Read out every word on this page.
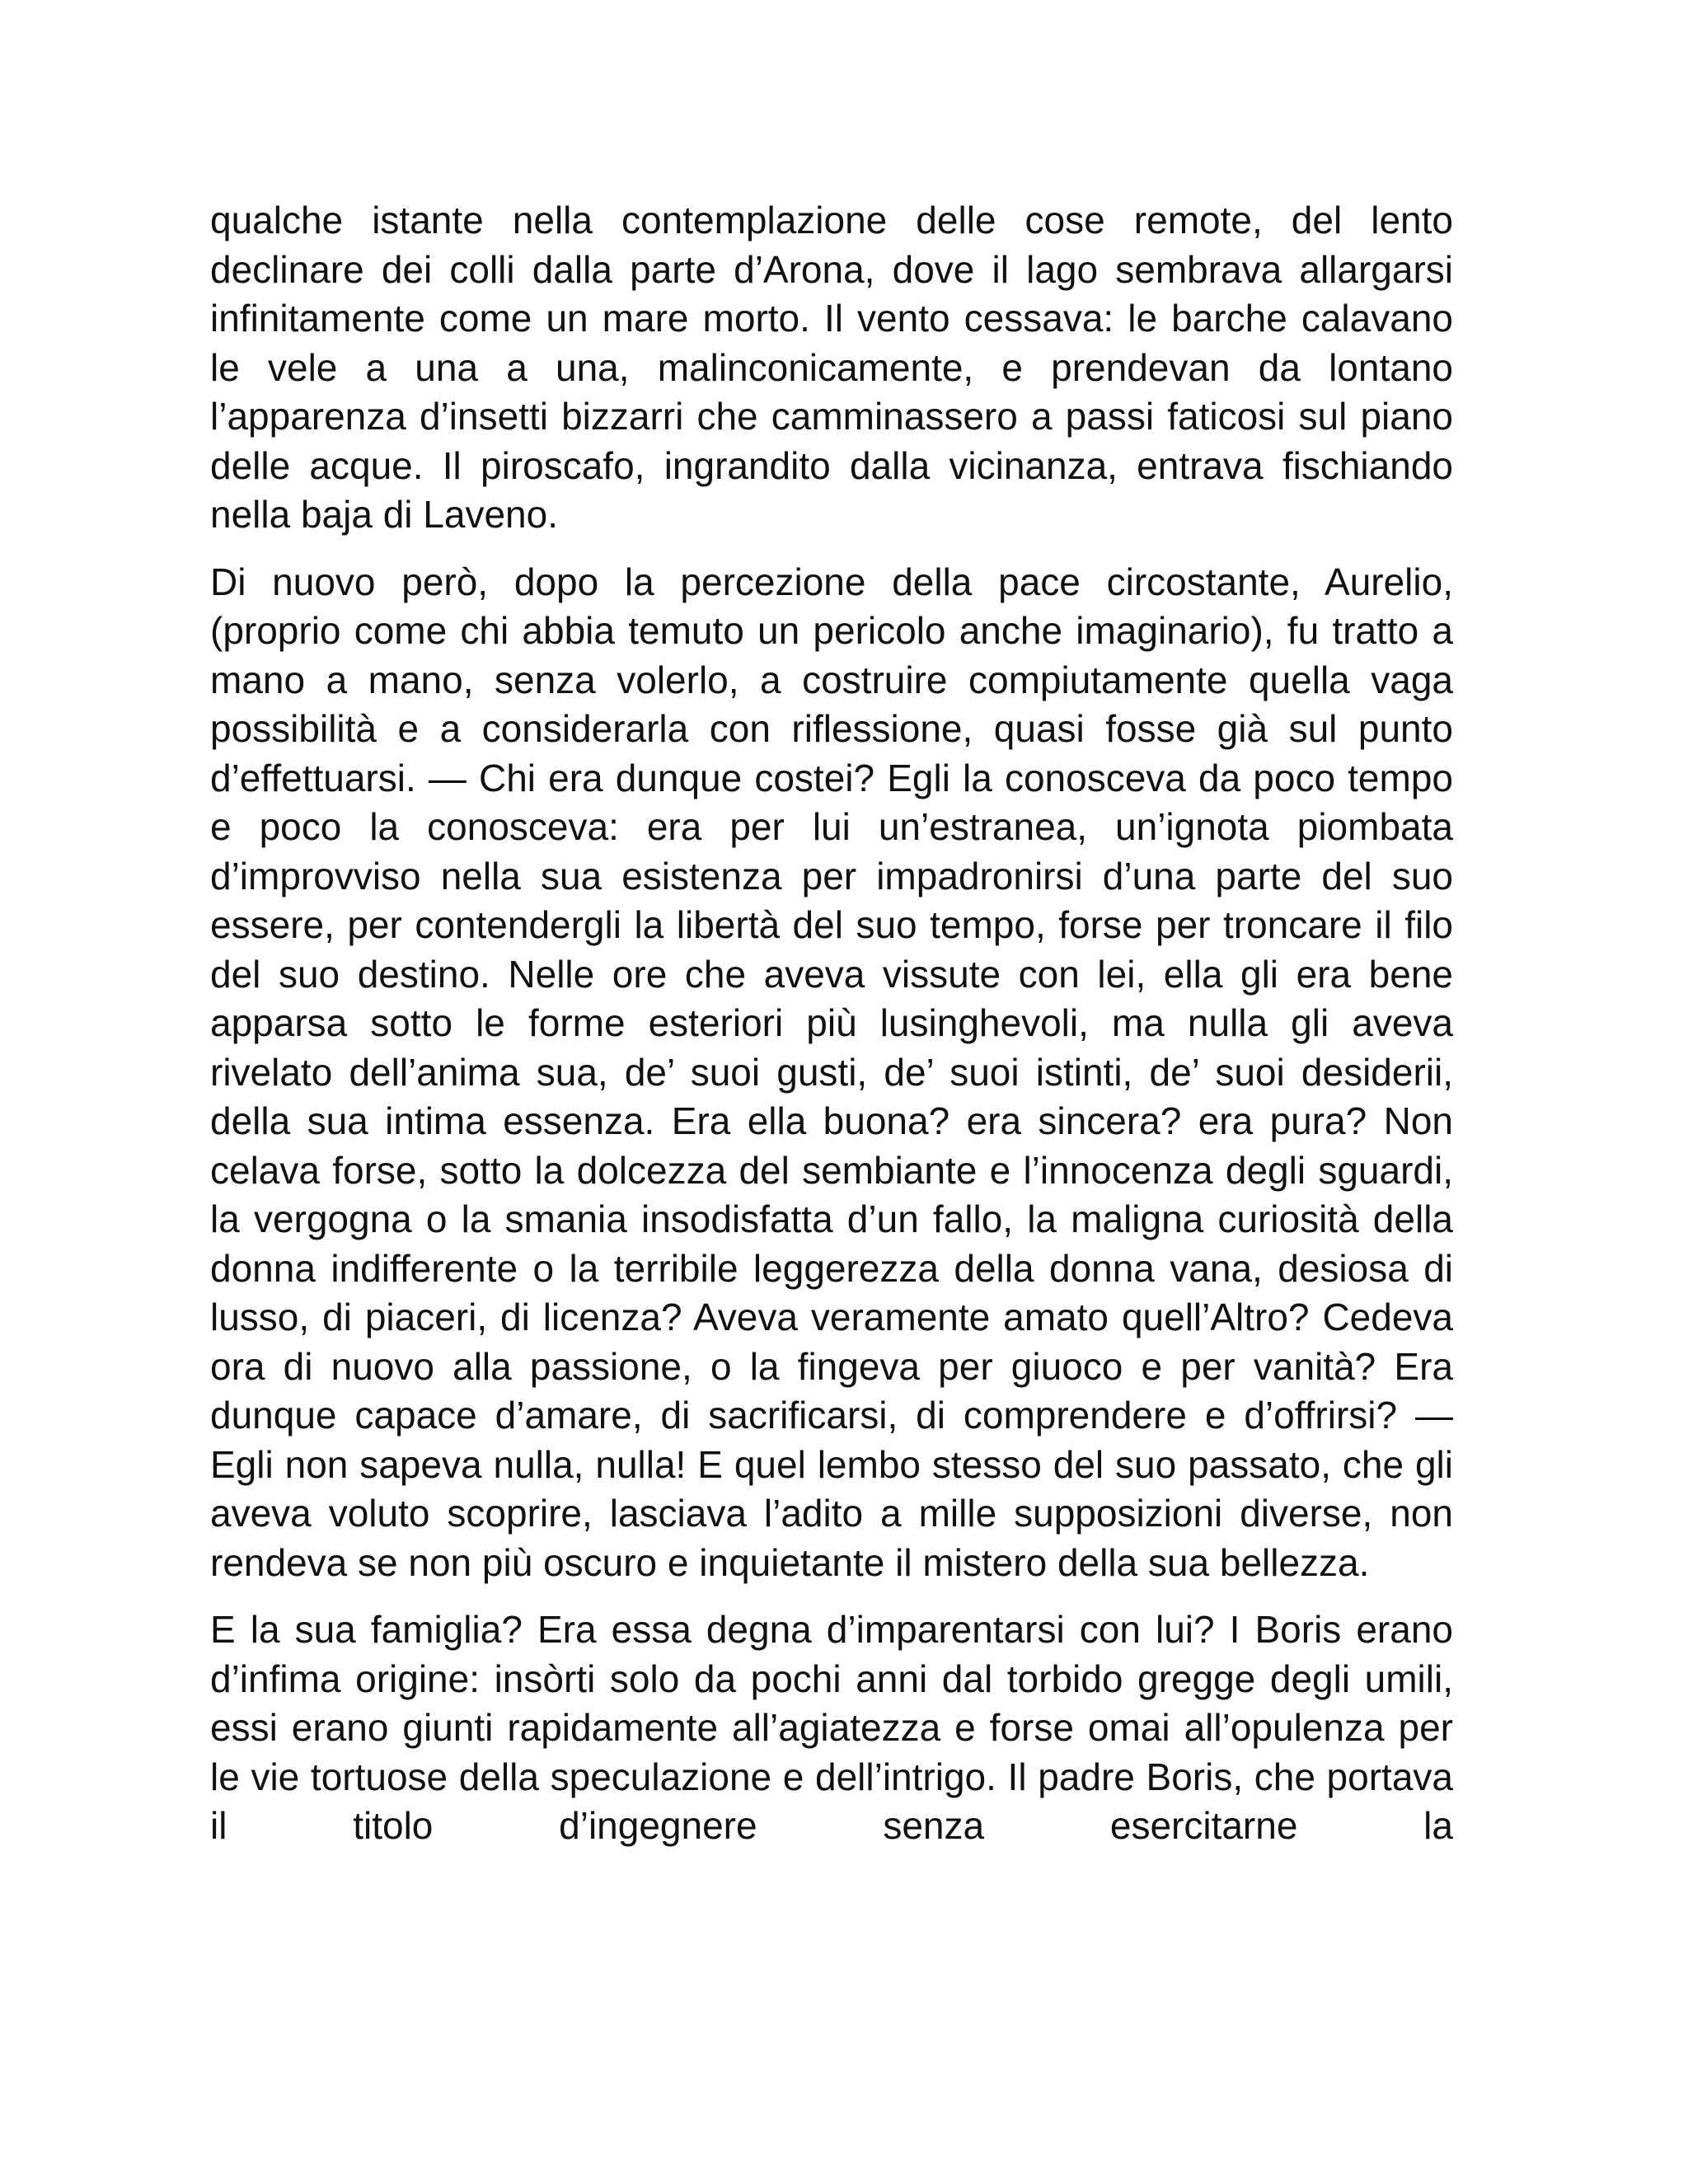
qualche istante nella contemplazione delle cose remote, del lento declinare dei colli dalla parte d’Arona, dove il lago sembrava allargarsi infinitamente come un mare morto. Il vento cessava: le barche calavano le vele a una a una, malinconicamente, e prendevan da lontano l’apparenza d’insetti bizzarri che camminassero a passi faticosi sul piano delle acque. Il piroscafo, ingrandito dalla vicinanza, entrava fischiando nella baja di Laveno.

Di nuovo però, dopo la percezione della pace circostante, Aurelio, (proprio come chi abbia temuto un pericolo anche imaginario), fu tratto a mano a mano, senza volerlo, a costruire compiutamente quella vaga possibilità e a considerarla con riflessione, quasi fosse già sul punto d’effettuarsi. — Chi era dunque costei? Egli la conosceva da poco tempo e poco la conosceva: era per lui un’estranea, un’ignota piombata d’improvviso nella sua esistenza per impadronirsi d’una parte del suo essere, per contendergli la libertà del suo tempo, forse per troncare il filo del suo destino. Nelle ore che aveva vissute con lei, ella gli era bene apparsa sotto le forme esteriori più lusinghevoli, ma nulla gli aveva rivelato dell’anima sua, de’ suoi gusti, de’ suoi istinti, de’ suoi desiderii, della sua intima essenza. Era ella buona? era sincera? era pura? Non celava forse, sotto la dolcezza del sembiante e l’innocenza degli sguardi, la vergogna o la smania insodisfatta d’un fallo, la maligna curiosità della donna indifferente o la terribile leggerezza della donna vana, desiosa di lusso, di piaceri, di licenza? Aveva veramente amato quell’Altro? Cedeva ora di nuovo alla passione, o la fingeva per giuoco e per vanità? Era dunque capace d’amare, di sacrificarsi, di comprendere e d’offrirsi? — Egli non sapeva nulla, nulla! E quel lembo stesso del suo passato, che gli aveva voluto scoprire, lasciava l’adito a mille supposizioni diverse, non rendeva se non più oscuro e inquietante il mistero della sua bellezza.

E la sua famiglia? Era essa degna d’imparentarsi con lui? I Boris erano d’infima origine: insòrti solo da pochi anni dal torbido gregge degli umili, essi erano giunti rapidamente all’agiatezza e forse omai all’opulenza per le vie tortuose della speculazione e dell’intrigo. Il padre Boris, che portava il titolo d’ingegnere senza esercitarne la
